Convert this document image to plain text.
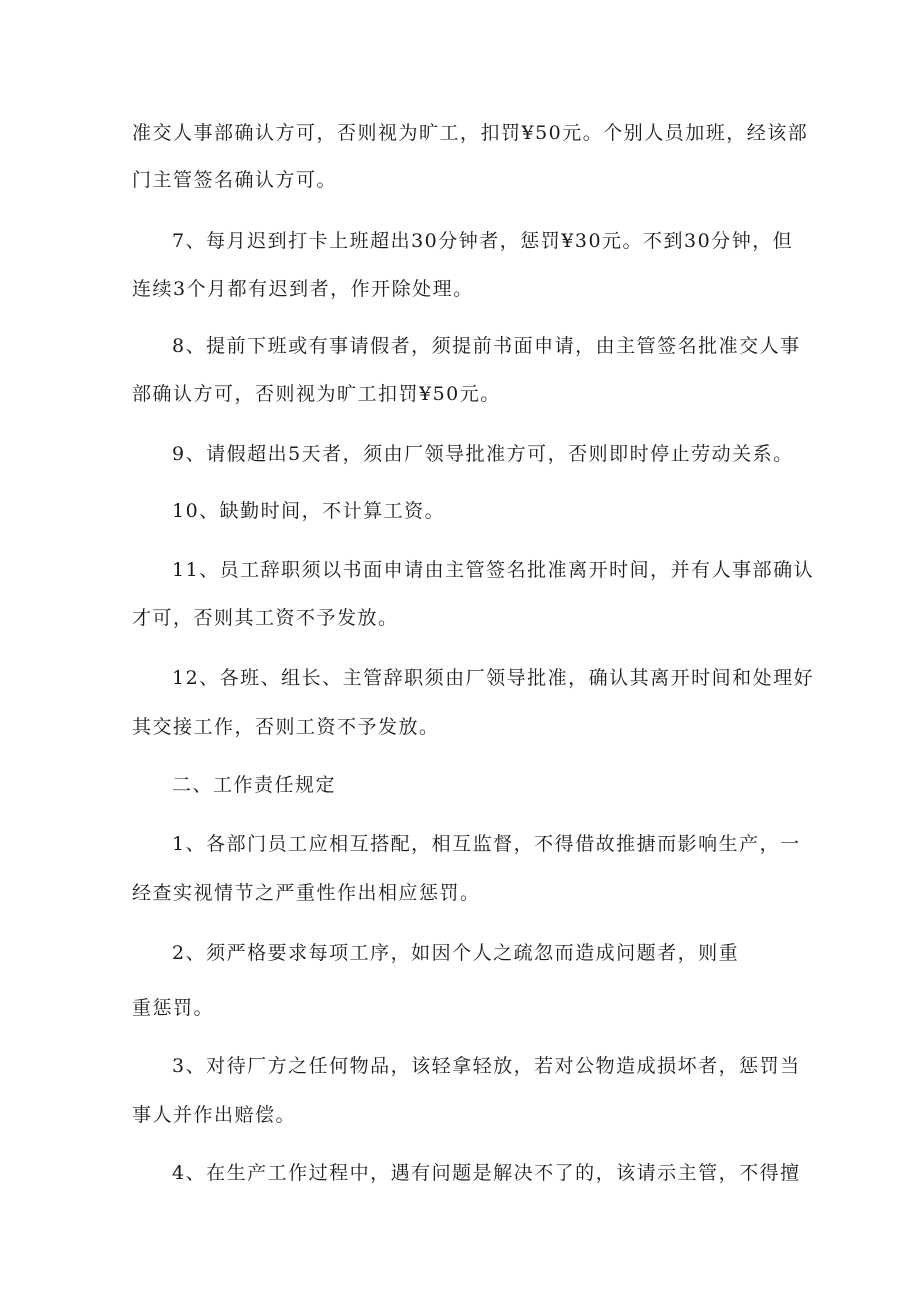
准交人事部确认方可，否则视为旷工，扣罚¥50元。个别人员加班，经该部
门主管签名确认方可。
7、每月迟到打卡上班超出30分钟者，惩罚¥30元。不到30分钟，但
连续3个月都有迟到者，作开除处理。
8、提前下班或有事请假者，须提前书面申请，由主管签名批准交人事
部确认方可，否则视为旷工扣罚¥50元。
9、请假超出5天者，须由厂领导批准方可，否则即时停止劳动关系。
10、缺勤时间，不计算工资。
11、员工辞职须以书面申请由主管签名批准离开时间，并有人事部确认
才可，否则其工资不予发放。
12、各班、组长、主管辞职须由厂领导批准，确认其离开时间和处理好
其交接工作，否则工资不予发放。
二、工作责任规定
1、各部门员工应相互搭配，相互监督，不得借故推搪而影响生产，一
经查实视情节之严重性作出相应惩罚。
2、须严格要求每项工序，如因个人之疏忽而造成问题者，则重
重惩罚。
3、对待厂方之任何物品，该轻拿轻放，若对公物造成损坏者，惩罚当
事人并作出赔偿。
4、在生产工作过程中，遇有问题是解决不了的，该请示主管，不得擅
